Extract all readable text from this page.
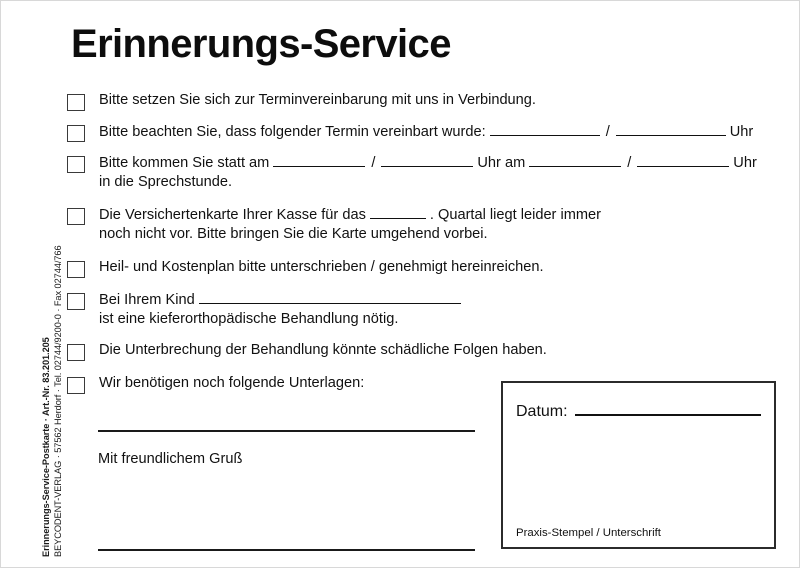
Erinnerungs-Service-Postkarte · Art.-Nr. 83.201.205 BEYCODENT-VERLAG · 57562 Herdorf · Tel. 02744/9200-0 · Fax 02744/766
Erinnerungs-Service
Bitte setzen Sie sich zur Terminvereinbarung mit uns in Verbindung.
Bitte beachten Sie, dass folgender Termin vereinbart wurde:	/	Uhr
Bitte kommen Sie statt am	/	Uhr am	/	Uhr
in die Sprechstunde.
Die Versichertenkarte Ihrer Kasse für das	. Quartal liegt leider immer
noch nicht vor. Bitte bringen Sie die Karte umgehend vorbei.
Heil- und Kostenplan bitte unterschrieben / genehmigt hereinreichen.
Bei Ihrem Kind
ist eine kieferorthopädische Behandlung nötig.
Die Unterbrechung der Behandlung könnte schädliche Folgen haben.
Wir benötigen noch folgende Unterlagen:
Mit freundlichem Gruß
Datum:
Praxis-Stempel / Unterschrift
